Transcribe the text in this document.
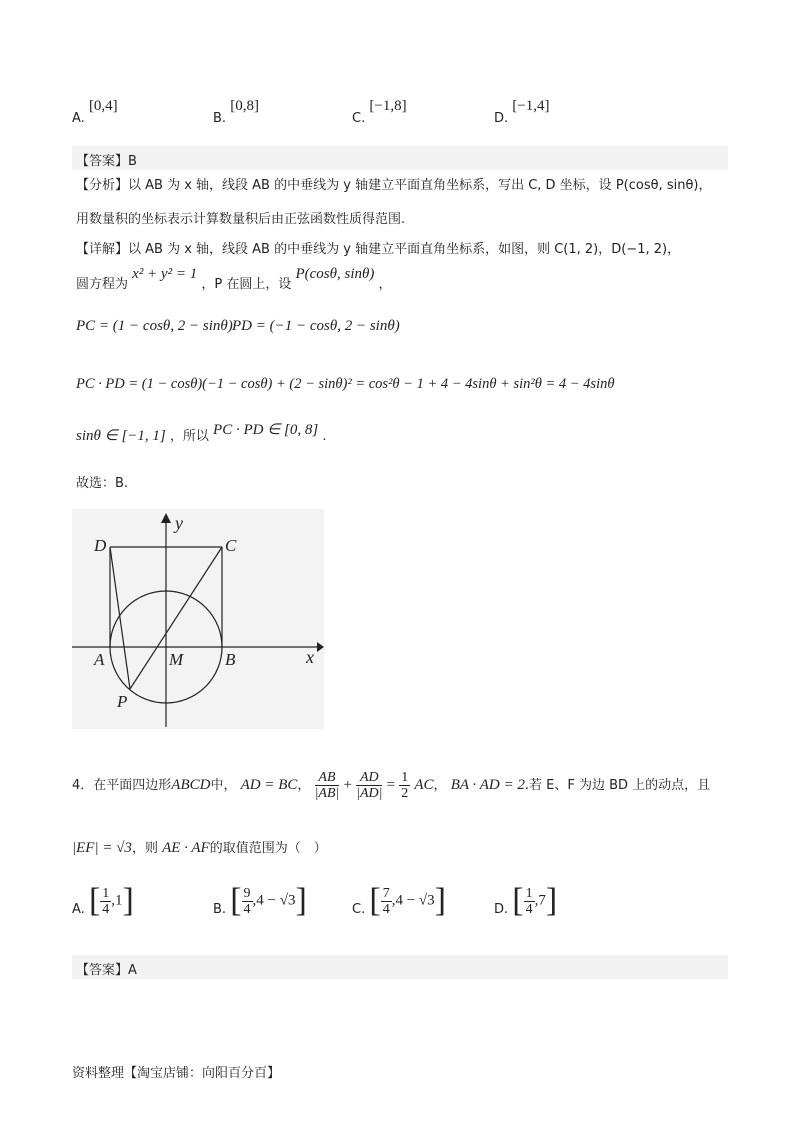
A. [0,4]
B. [0,8]
C. [−1,8]
D. [−1,4]
【答案】B
【分析】以 AB 为 x 轴，线段 AB 的中垂线为 y 轴建立平面直角坐标系，写出 C, D 坐标，设 P(cosθ, sinθ)，
用数量积的坐标表示计算数量积后由正弦函数性质得范围.
【详解】以 AB 为 x 轴，线段 AB 的中垂线为 y 轴建立平面直角坐标系，如图，则 C(1, 2)，D(−1, 2)，
圆方程为 x² + y² = 1 ，P 在圆上，设 P(cosθ, sinθ) ，
PC = (1 − cosθ, 2 − sinθ) PD = (−1 − cosθ, 2 − sinθ)
PC · PD = (1 − cosθ)(−1 − cosθ) + (2 − sinθ)² = cos²θ − 1 + 4 − 4sinθ + sin²θ = 4 − 4sinθ
sinθ ∈ [−1, 1] ，所以 PC · PD ∈ [0, 8] .
故选：B.
y
x
D	C
A	M B
P
4．在平面四边形ABCD中， AD = BC， $\frac{AB}{|AB|} + \frac{AD}{|AD|} = \frac{1}{2}$ AC， BA · AD = 2.若 E、F 为边 BD 上的动点，且
|EF| = √3，则 AE · AF的取值范围为（　）
A. [ $\frac{1}{4} ,1$]	B. [ $\frac{9}{4} ,4 - √3$]	C. [ $\frac{7}{4} ,4 - √3$]	D. [ $\frac{1}{4} ,7$]
【答案】A
资料整理【淘宝店铺：向阳百分百】
